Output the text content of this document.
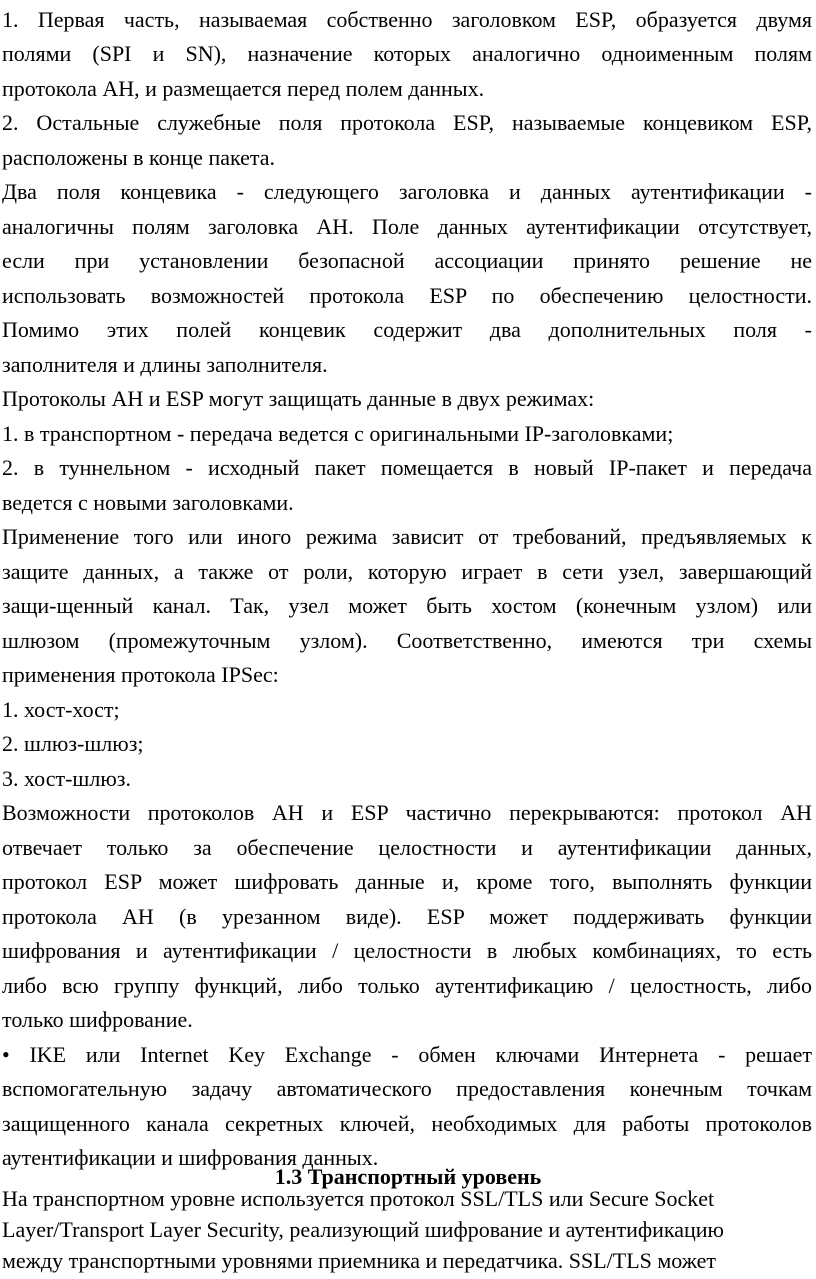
1. Первая часть, называемая собственно заголовком ESP, образуется двумя
полями (SPI и SN), назначение которых аналогично одноименным полям
протокола AH, и размещается перед полем данных.
2. Остальные служебные поля протокола ESP, называемые концевиком ESP,
расположены в конце пакета.
Два поля концевика - следующего заголовка и данных аутентификации -
аналогичны полям заголовка AH. Поле данных аутентификации отсутствует,
если при установлении безопасной ассоциации принято решение не
использовать возможностей протокола ESP по обеспечению целостности.
Помимо этих полей концевик содержит два дополнительных поля -
заполнителя и длины заполнителя.
Протоколы AH и ESP могут защищать данные в двух режимах:
1. в транспортном - передача ведется с оригинальными IP-заголовками;
2. в туннельном - исходный пакет помещается в новый IP-пакет и передача
ведется с новыми заголовками.
Применение того или иного режима зависит от требований, предъявляемых к
защите данных, а также от роли, которую играет в сети узел, завершающий
защи-щенный канал. Так, узел может быть хостом (конечным узлом) или
шлюзом (промежуточным узлом). Соответственно, имеются три схемы
применения протокола IPSec:
1. хост-хост;
2. шлюз-шлюз;
3. хост-шлюз.
Возможности протоколов AH и ESP частично перекрываются: протокол AH
отвечает только за обеспечение целостности и аутентификации данных,
протокол ESP может шифровать данные и, кроме того, выполнять функции
протокола AH (в урезанном виде). ESP может поддерживать функции
шифрования и аутентификации / целостности в любых комбинациях, то есть
либо всю группу функций, либо только аутентификацию / целостность, либо
только шифрование.
• IKE или Internet Key Exchange - обмен ключами Интернета - решает
вспомогательную задачу автоматического предоставления конечным точкам
защищенного канала секретных ключей, необходимых для работы протоколов
аутентификации и шифрования данных.
1.3 Транспортный уровень
На транспортном уровне используется протокол SSL/TLS или Secure Socket
Layer/Transport Layer Security, реализующий шифрование и аутентификацию
между транспортными уровнями приемника и передатчика. SSL/TLS может
